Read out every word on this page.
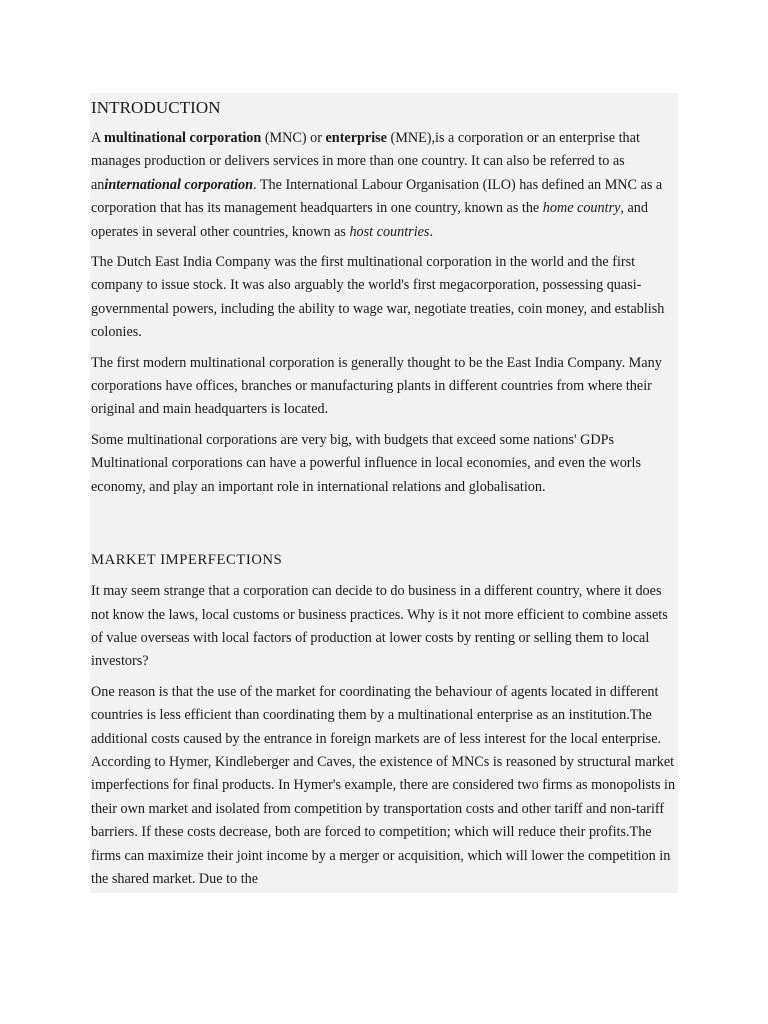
INTRODUCTION

A multinational corporation (MNC) or enterprise (MNE),is a corporation or an enterprise that manages production or delivers services in more than one country. It can also be referred to as aninternational corporation. The International Labour Organisation (ILO) has defined an MNC as a corporation that has its management headquarters in one country, known as the home country, and operates in several other countries, known as host countries.

The Dutch East India Company was the first multinational corporation in the world and the first company to issue stock. It was also arguably the world's first megacorporation, possessing quasi-governmental powers, including the ability to wage war, negotiate treaties, coin money, and establish colonies.

The first modern multinational corporation is generally thought to be the East India Company. Many corporations have offices, branches or manufacturing plants in different countries from where their original and main headquarters is located.

Some multinational corporations are very big, with budgets that exceed some nations' GDPs Multinational corporations can have a powerful influence in local economies, and even the worls economy, and play an important role in international relations and globalisation.

MARKET IMPERFECTIONS

It may seem strange that a corporation can decide to do business in a different country, where it does not know the laws, local customs or business practices. Why is it not more efficient to combine assets of value overseas with local factors of production at lower costs by renting or selling them to local investors?

One reason is that the use of the market for coordinating the behaviour of agents located in different countries is less efficient than coordinating them by a multinational enterprise as an institution.The additional costs caused by the entrance in foreign markets are of less interest for the local enterprise. According to Hymer, Kindleberger and Caves, the existence of MNCs is reasoned by structural market imperfections for final products. In Hymer's example, there are considered two firms as monopolists in their own market and isolated from competition by transportation costs and other tariff and non-tariff barriers. If these costs decrease, both are forced to competition; which will reduce their profits.The firms can maximize their joint income by a merger or acquisition, which will lower the competition in the shared market. Due to the
